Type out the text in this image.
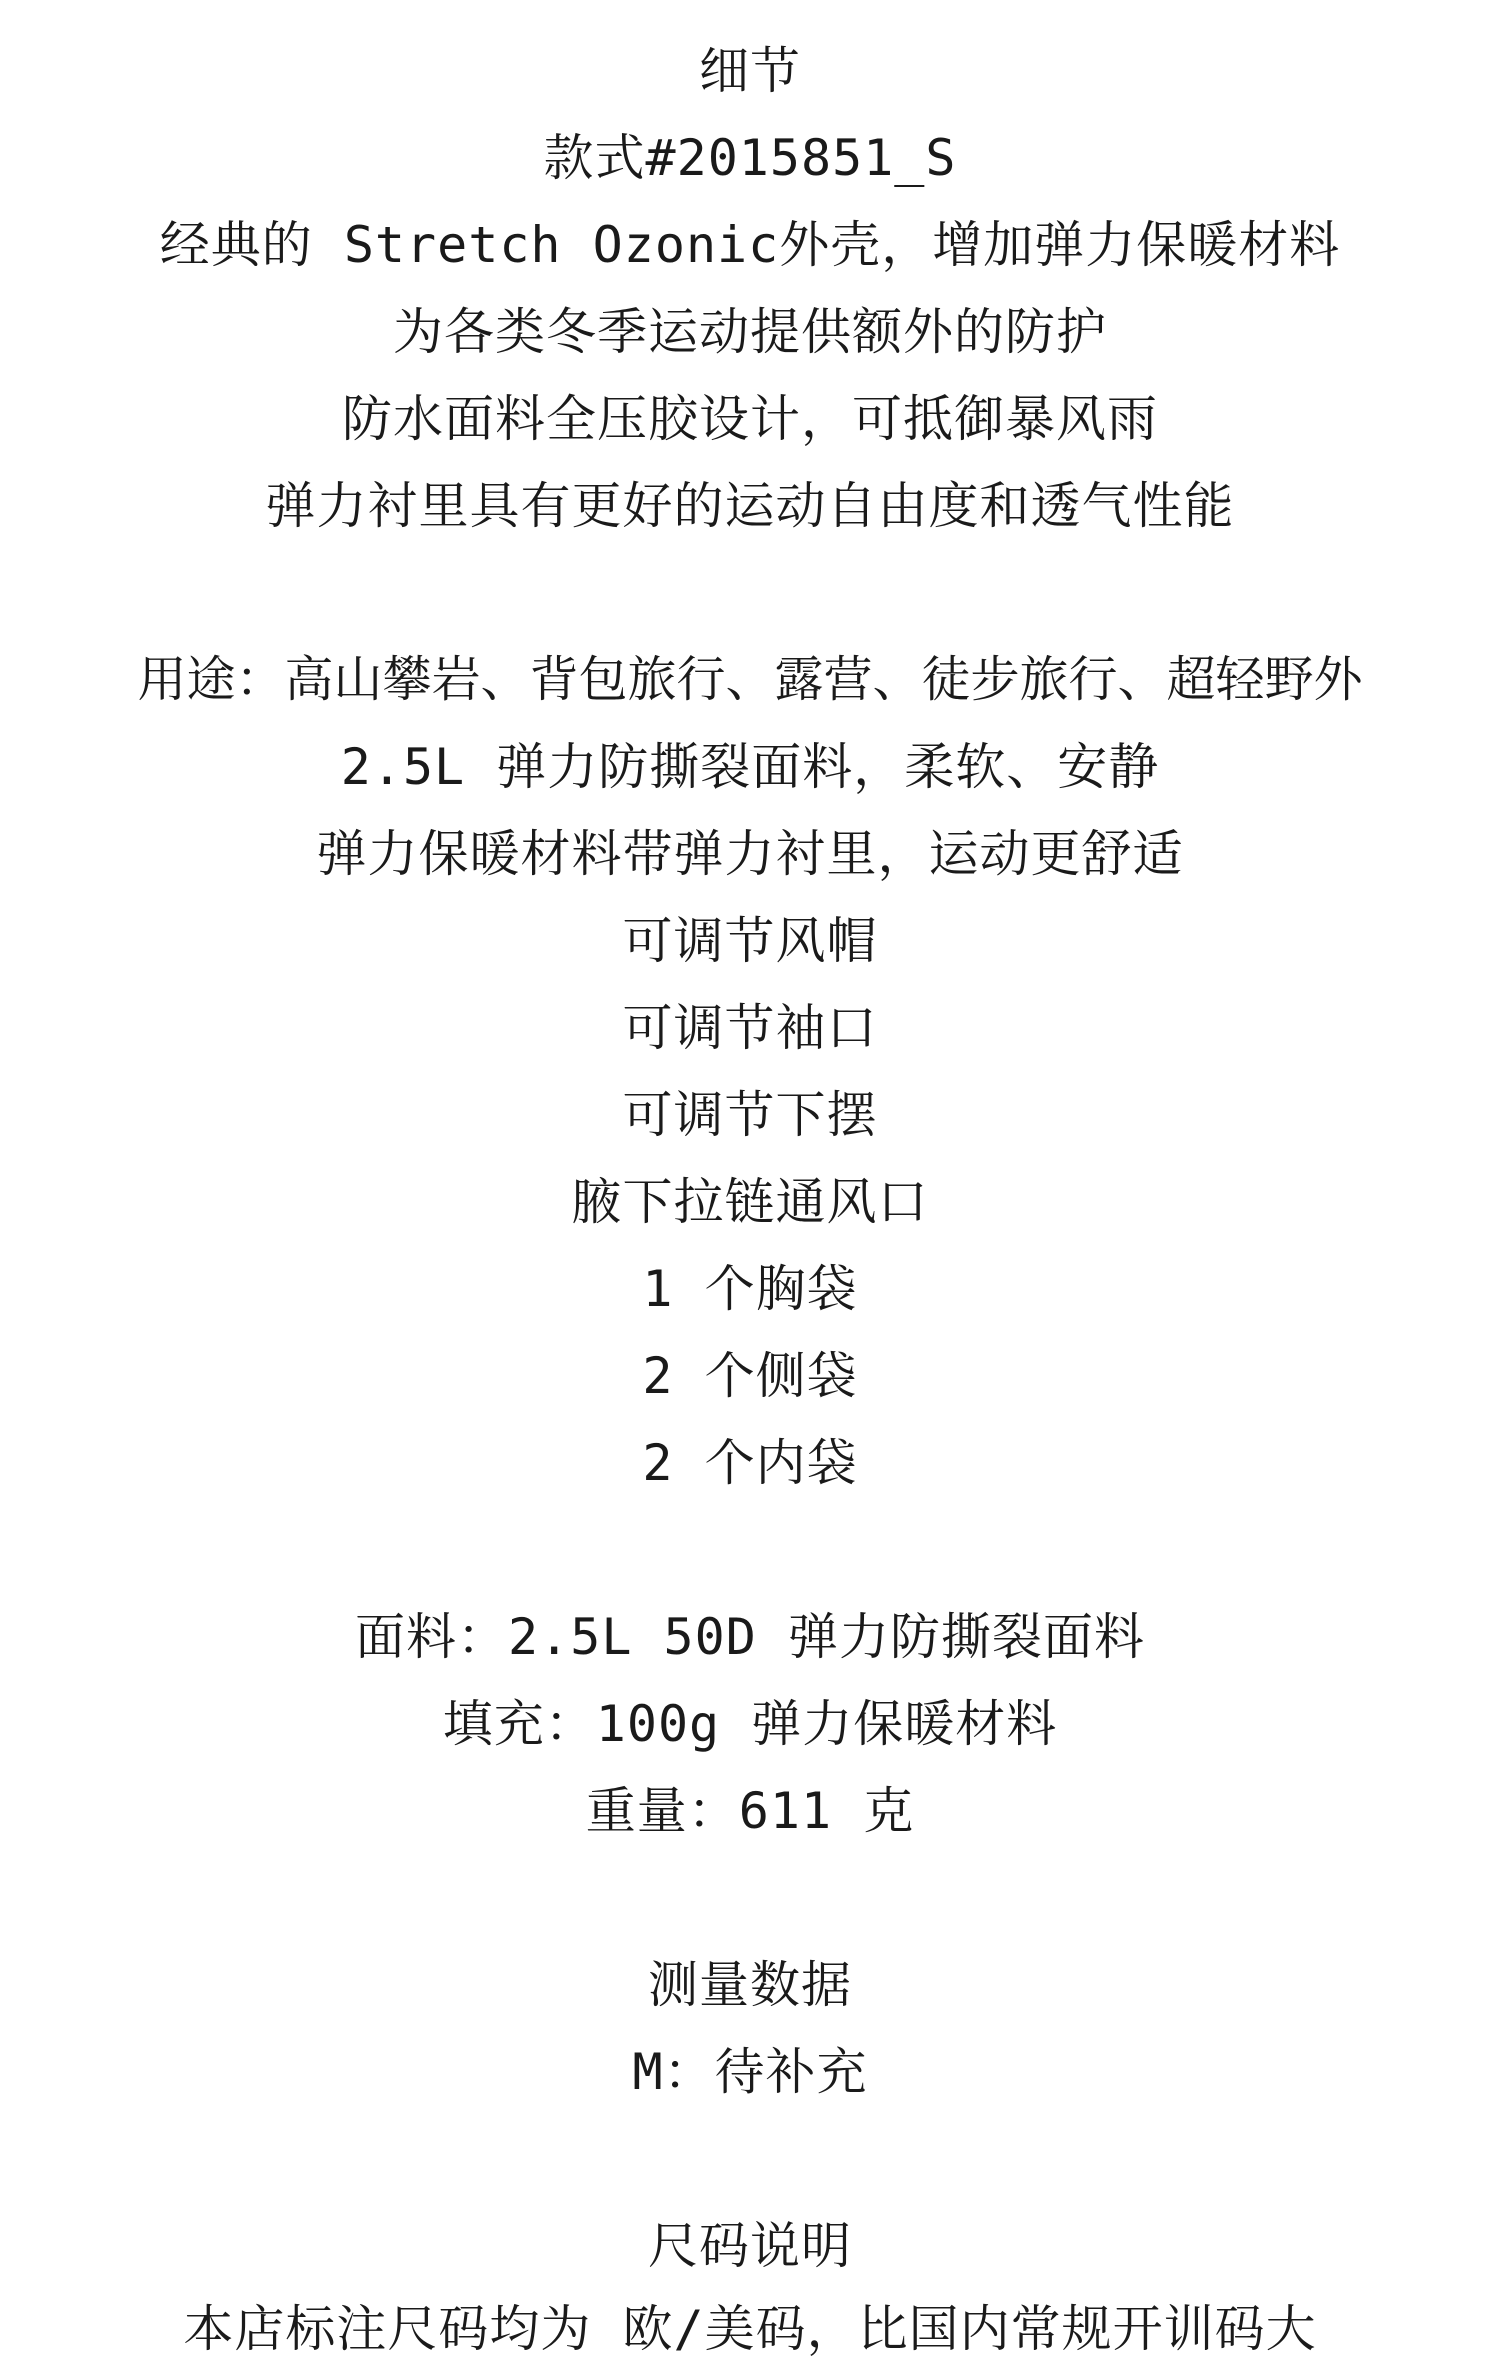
细节
款式#2015851_S
经典的 Stretch Ozonic外壳，增加弹力保暖材料
为各类冬季运动提供额外的防护
防水面料全压胶设计，可抵御暴风雨
弹力衬里具有更好的运动自由度和透气性能
用途：高山攀岩、背包旅行、露营、徒步旅行、超轻野外
2.5L 弹力防撕裂面料，柔软、安静
弹力保暖材料带弹力衬里，运动更舒适
可调节风帽
可调节袖口
可调节下摆
腋下拉链通风口
1 个胸袋
2 个侧袋
2 个内袋
面料：2.5L 50D 弹力防撕裂面料
填充：100g 弹力保暖材料
重量：611 克
测量数据
M：待补充
尺码说明
本店标注尺码均为 欧/美码，比国内常规开训码大
